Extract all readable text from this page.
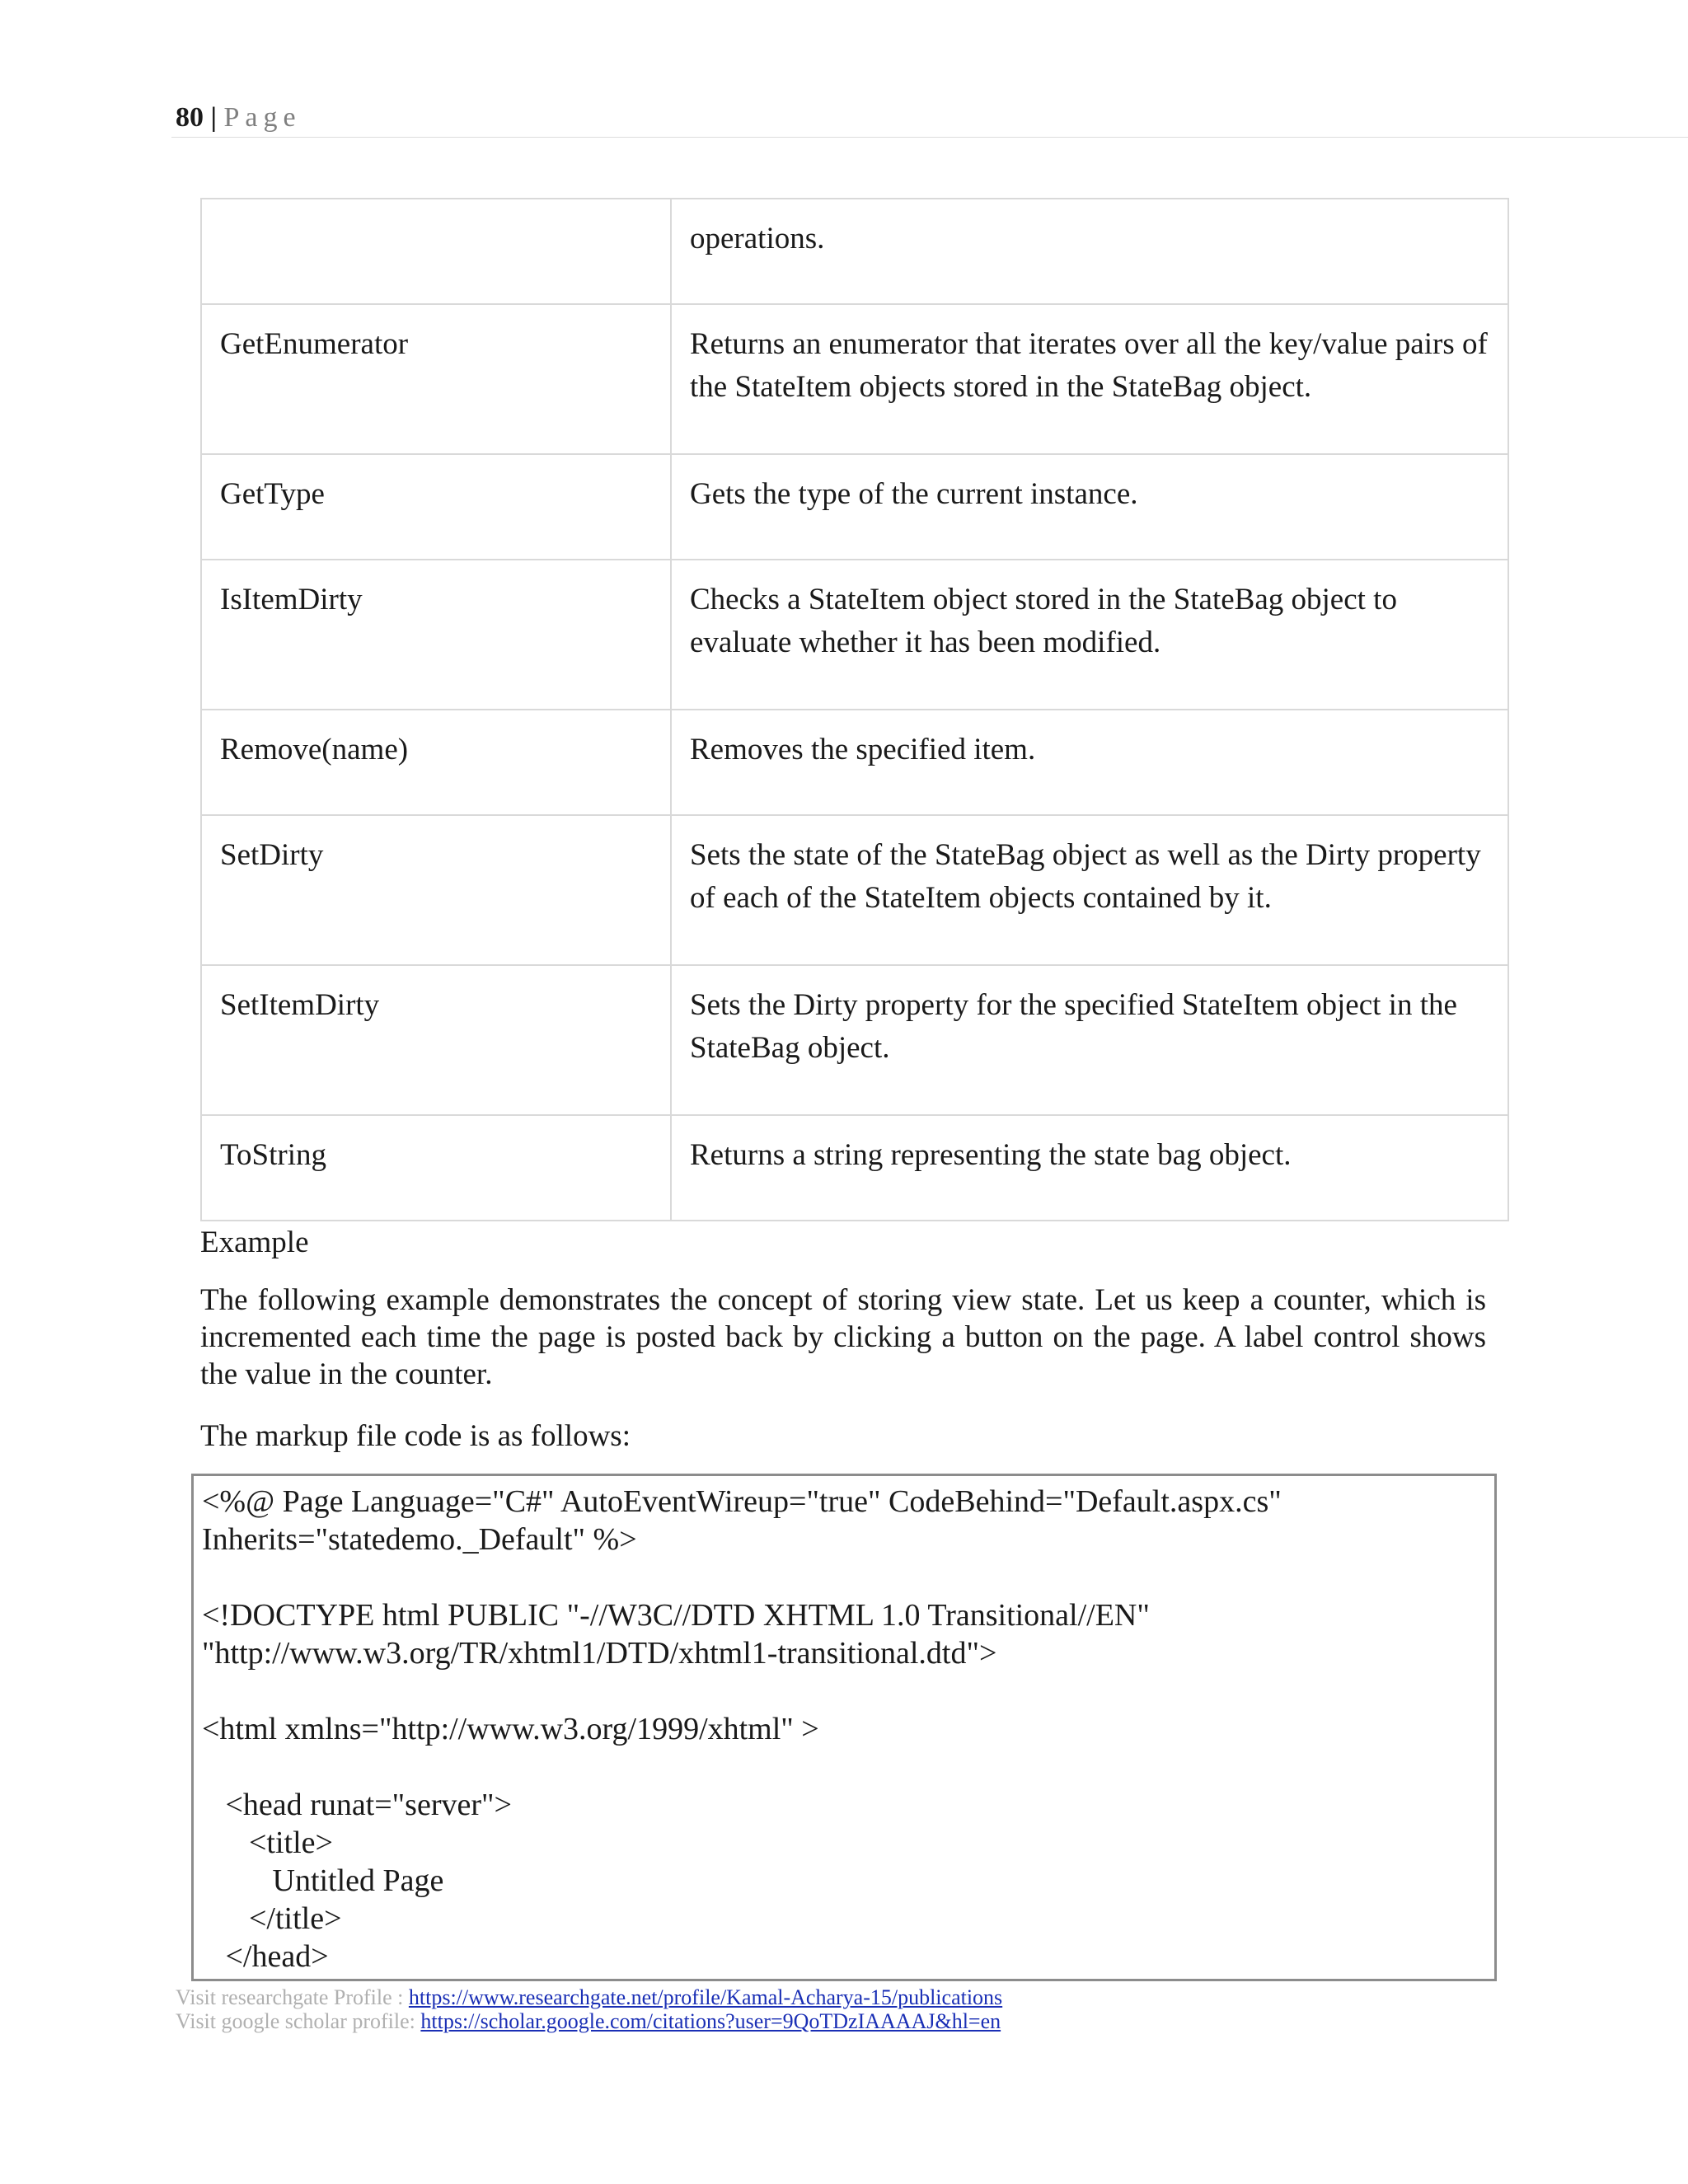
80 | Page
	operations.
GetEnumerator	Returns an enumerator that iterates over all the key/value pairs of the StateItem objects stored in the StateBag object.
GetType	Gets the type of the current instance.
IsItemDirty	Checks a StateItem object stored in the StateBag object to evaluate whether it has been modified.
Remove(name)	Removes the specified item.
SetDirty	Sets the state of the StateBag object as well as the Dirty property of each of the StateItem objects contained by it.
SetItemDirty	Sets the Dirty property for the specified StateItem object in the StateBag object.
ToString	Returns a string representing the state bag object.
Example
The following example demonstrates the concept of storing view state. Let us keep a counter, which is incremented each time the page is posted back by clicking a button on the page. A label control shows the value in the counter.
The markup file code is as follows:
<%@ Page Language="C#" AutoEventWireup="true" CodeBehind="Default.aspx.cs"
Inherits="statedemo._Default" %>

<!DOCTYPE html PUBLIC "-//W3C//DTD XHTML 1.0 Transitional//EN"
"http://www.w3.org/TR/xhtml1/DTD/xhtml1-transitional.dtd">

<html xmlns="http://www.w3.org/1999/xhtml" >

<head runat="server">
<title>
Untitled Page
</title>
</head>
Visit researchgate Profile : https://www.researchgate.net/profile/Kamal-Acharya-15/publications
Visit google scholar profile: https://scholar.google.com/citations?user=9QoTDzIAAAAJ&hl=en
